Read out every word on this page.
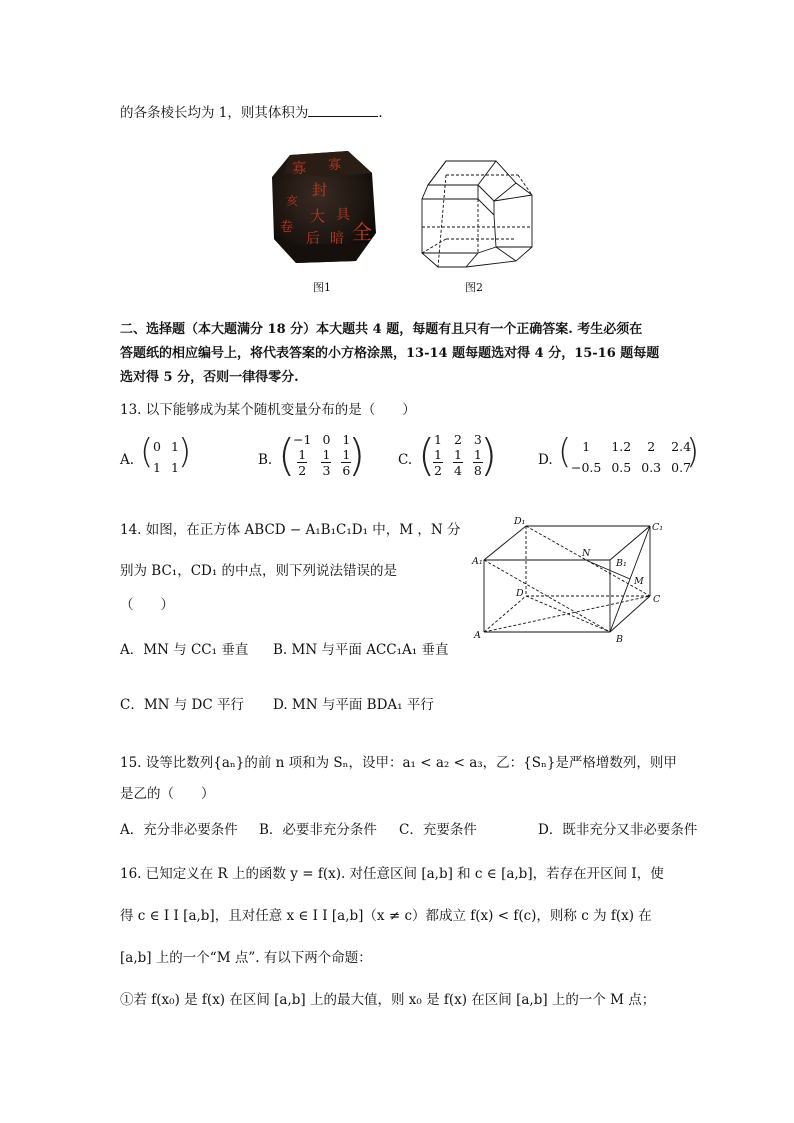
的各条棱长均为 1，则其体积为	.
寡 寡
封
亥
大 具
卷
后 暗 全
图1	图2
二、选择题（本大题满分 18 分）本大题共 4 题，每题有且只有一个正确答案. 考生必须在
答题纸的相应编号上，将代表答案的小方格涂黑，13-14 题每题选对得 4 分，15-16 题每题
选对得 5 分，否则一律得零分.
13. 以下能够成为某个随机变量分布的是（　　）
A. ( 0	1
1	1 )	B. (
−1	0	1

$\frac{1}{2}$	$\frac{1}{3}$	$\frac{1}{6}$
) C. (
1	2	3

$\frac{1}{2}$	$\frac{1}{4}$	$\frac{1}{8}$
)	D. ( 1	1.2	2	2.4
−0.5	0.5	0.3	0.7
)
14. 如图，在正方体 ABCD − A₁B₁C₁D₁ 中，M ，N 分
别为 BC₁，CD₁ 的中点，则下列说法错误的是
（　　）
A．MN 与 CC₁ 垂直 B. MN 与平面 ACC₁A₁ 垂直
C．MN 与 DC 平行 D. MN 与平面 BDA₁ 平行
D₁
C₁
A₁	B₁
N
M
D
C
A	B
15. 设等比数列{aₙ}的前 n 项和为 Sₙ，设甲：a₁ < a₂ < a₃，乙：{Sₙ}是严格增数列，则甲
是乙的（　　）
A．充分非必要条件 B．必要非充分条件 C．充要条件	D．既非充分又非必要条件
16. 已知定义在 R 上的函数 y = f(x). 对任意区间 [a,b] 和 c ∈ [a,b]，若存在开区间 I，使
得 c ∈ I I [a,b]，且对任意 x ∈ I I [a,b]（x ≠ c）都成立 f(x) < f(c)，则称 c 为 f(x) 在
[a,b] 上的一个“M 点”. 有以下两个命题：
①若 f(x₀) 是 f(x) 在区间 [a,b] 上的最大值，则 x₀ 是 f(x) 在区间 [a,b] 上的一个 M 点；
